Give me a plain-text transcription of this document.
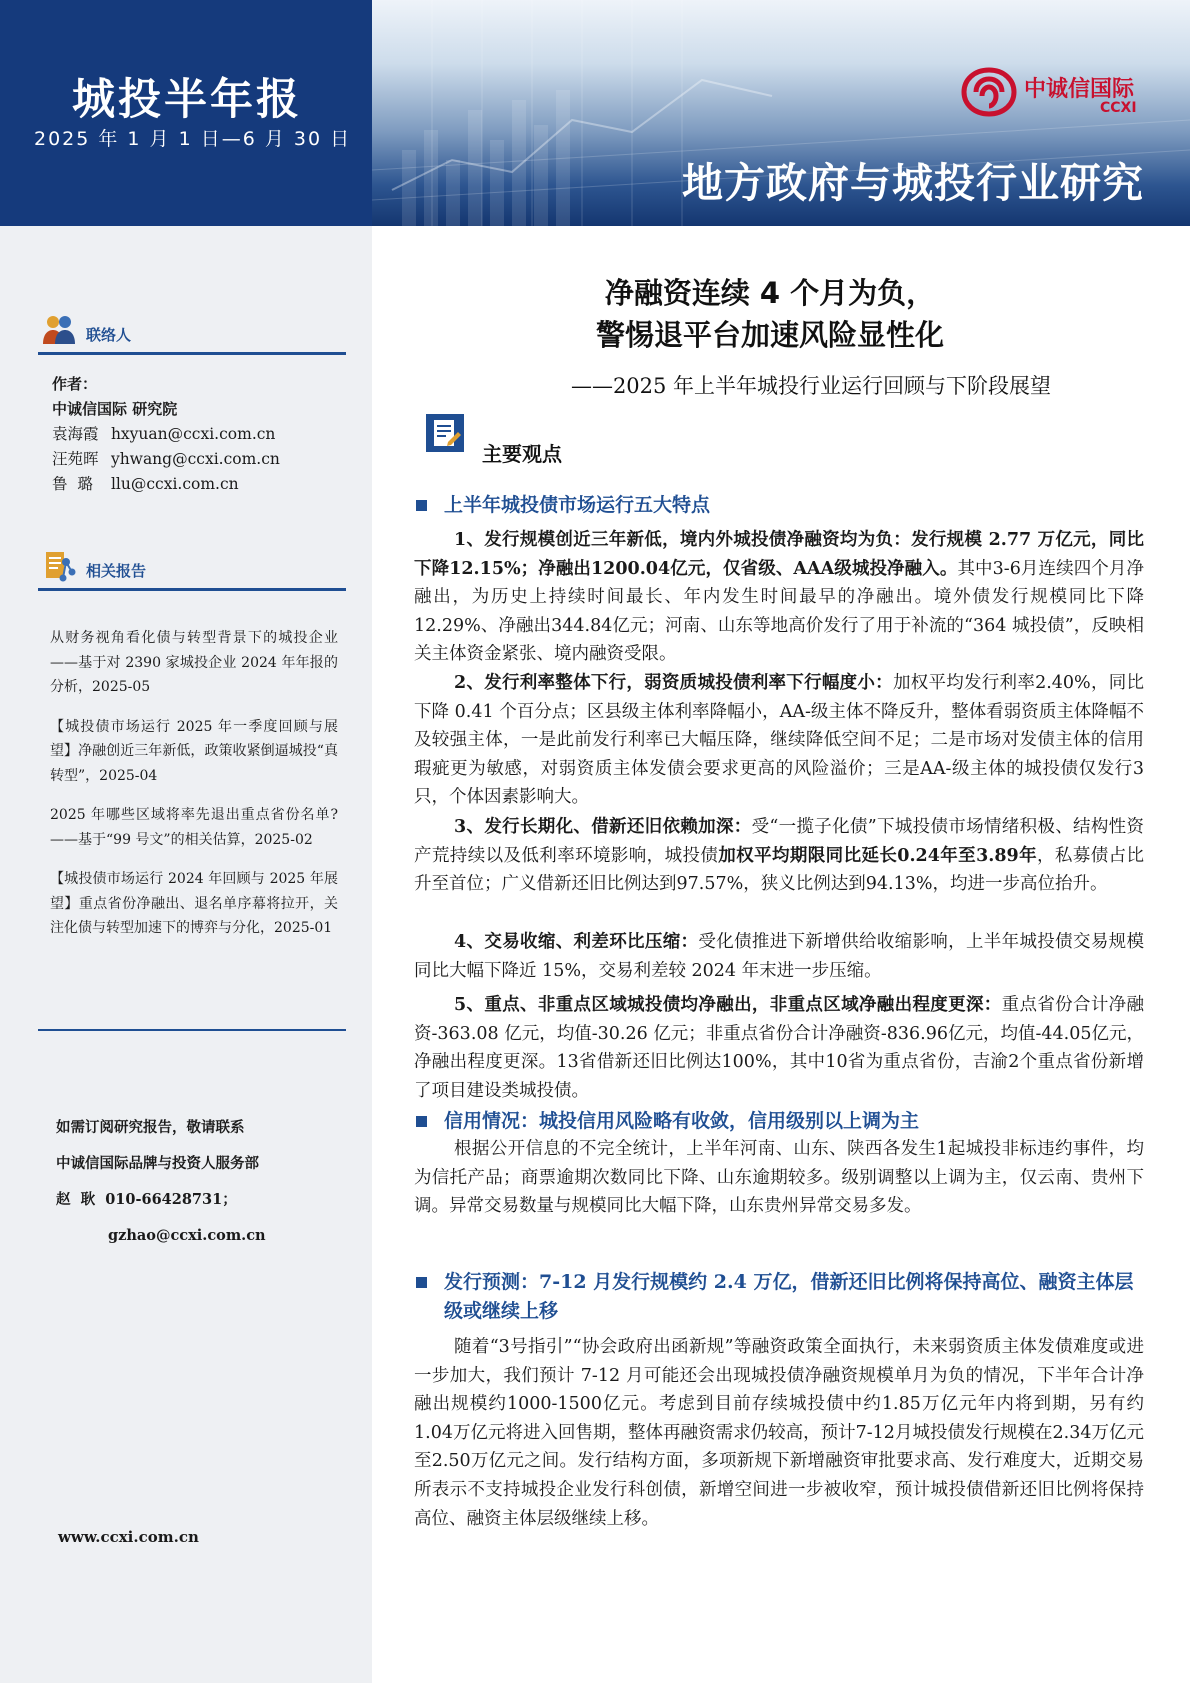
城投半年报
2025 年 1 月 1 日—6 月 30 日
中诚信国际
CCXI
地方政府与城投行业研究
联络人
作者：
中诚信国际 研究院
袁海霞 hxyuan@ccxi.com.cn
汪苑晖 yhwang@ccxi.com.cn
鲁  璐 llu@ccxi.com.cn
相关报告
从财务视角看化债与转型背景下的城投企业——基于对 2390 家城投企业 2024 年年报的分析，2025-05
【城投债市场运行 2025 年一季度回顾与展望】净融创近三年新低，政策收紧倒逼城投“真转型”，2025-04
2025 年哪些区域将率先退出重点省份名单?——基于“99 号文”的相关估算，2025-02
【城投债市场运行 2024 年回顾与 2025 年展望】重点省份净融出、退名单序幕将拉开，关注化债与转型加速下的博弈与分化，2025-01
如需订阅研究报告，敬请联系
中诚信国际品牌与投资人服务部
赵  耿  010-66428731；
gzhao@ccxi.com.cn
www.ccxi.com.cn
净融资连续 4 个月为负，
警惕退平台加速风险显性化
——2025 年上半年城投行业运行回顾与下阶段展望
主要观点
上半年城投债市场运行五大特点
1、发行规模创近三年新低，境内外城投债净融资均为负：发行规模 2.77 万亿元，同比下降12.15%；净融出1200.04亿元，仅省级、AAA级城投净融入。其中3-6月连续四个月净融出，为历史上持续时间最长、年内发生时间最早的净融出。境外债发行规模同比下降12.29%、净融出344.84亿元；河南、山东等地高价发行了用于补流的“364 城投债”，反映相关主体资金紧张、境内融资受限。
2、发行利率整体下行，弱资质城投债利率下行幅度小：加权平均发行利率2.40%，同比下降 0.41 个百分点；区县级主体利率降幅小，AA-级主体不降反升，整体看弱资质主体降幅不及较强主体，一是此前发行利率已大幅压降，继续降低空间不足；二是市场对发债主体的信用瑕疵更为敏感，对弱资质主体发债会要求更高的风险溢价；三是AA-级主体的城投债仅发行3只，个体因素影响大。
3、发行长期化、借新还旧依赖加深：受“一揽子化债”下城投债市场情绪积极、结构性资产荒持续以及低利率环境影响，城投债加权平均期限同比延长0.24年至3.89年，私募债占比升至首位；广义借新还旧比例达到97.57%，狭义比例达到94.13%，均进一步高位抬升。
4、交易收缩、利差环比压缩：受化债推进下新增供给收缩影响，上半年城投债交易规模同比大幅下降近 15%，交易利差较 2024 年末进一步压缩。
5、重点、非重点区域城投债均净融出，非重点区域净融出程度更深：重点省份合计净融资-363.08 亿元，均值-30.26 亿元；非重点省份合计净融资-836.96亿元，均值-44.05亿元，净融出程度更深。13省借新还旧比例达100%，其中10省为重点省份，吉渝2个重点省份新增了项目建设类城投债。
信用情况：城投信用风险略有收敛，信用级别以上调为主
根据公开信息的不完全统计，上半年河南、山东、陕西各发生1起城投非标违约事件，均为信托产品；商票逾期次数同比下降、山东逾期较多。级别调整以上调为主，仅云南、贵州下调。异常交易数量与规模同比大幅下降，山东贵州异常交易多发。
发行预测：7-12 月发行规模约 2.4 万亿，借新还旧比例将保持高位、融资主体层级或继续上移
随着“3号指引”“协会政府出函新规”等融资政策全面执行，未来弱资质主体发债难度或进一步加大，我们预计 7-12 月可能还会出现城投债净融资规模单月为负的情况，下半年合计净融出规模约1000-1500亿元。考虑到目前存续城投债中约1.85万亿元年内将到期，另有约1.04万亿元将进入回售期，整体再融资需求仍较高，预计7-12月城投债发行规模在2.34万亿元至2.50万亿元之间。发行结构方面，多项新规下新增融资审批要求高、发行难度大，近期交易所表示不支持城投企业发行科创债，新增空间进一步被收窄，预计城投债借新还旧比例将保持高位、融资主体层级继续上移。
